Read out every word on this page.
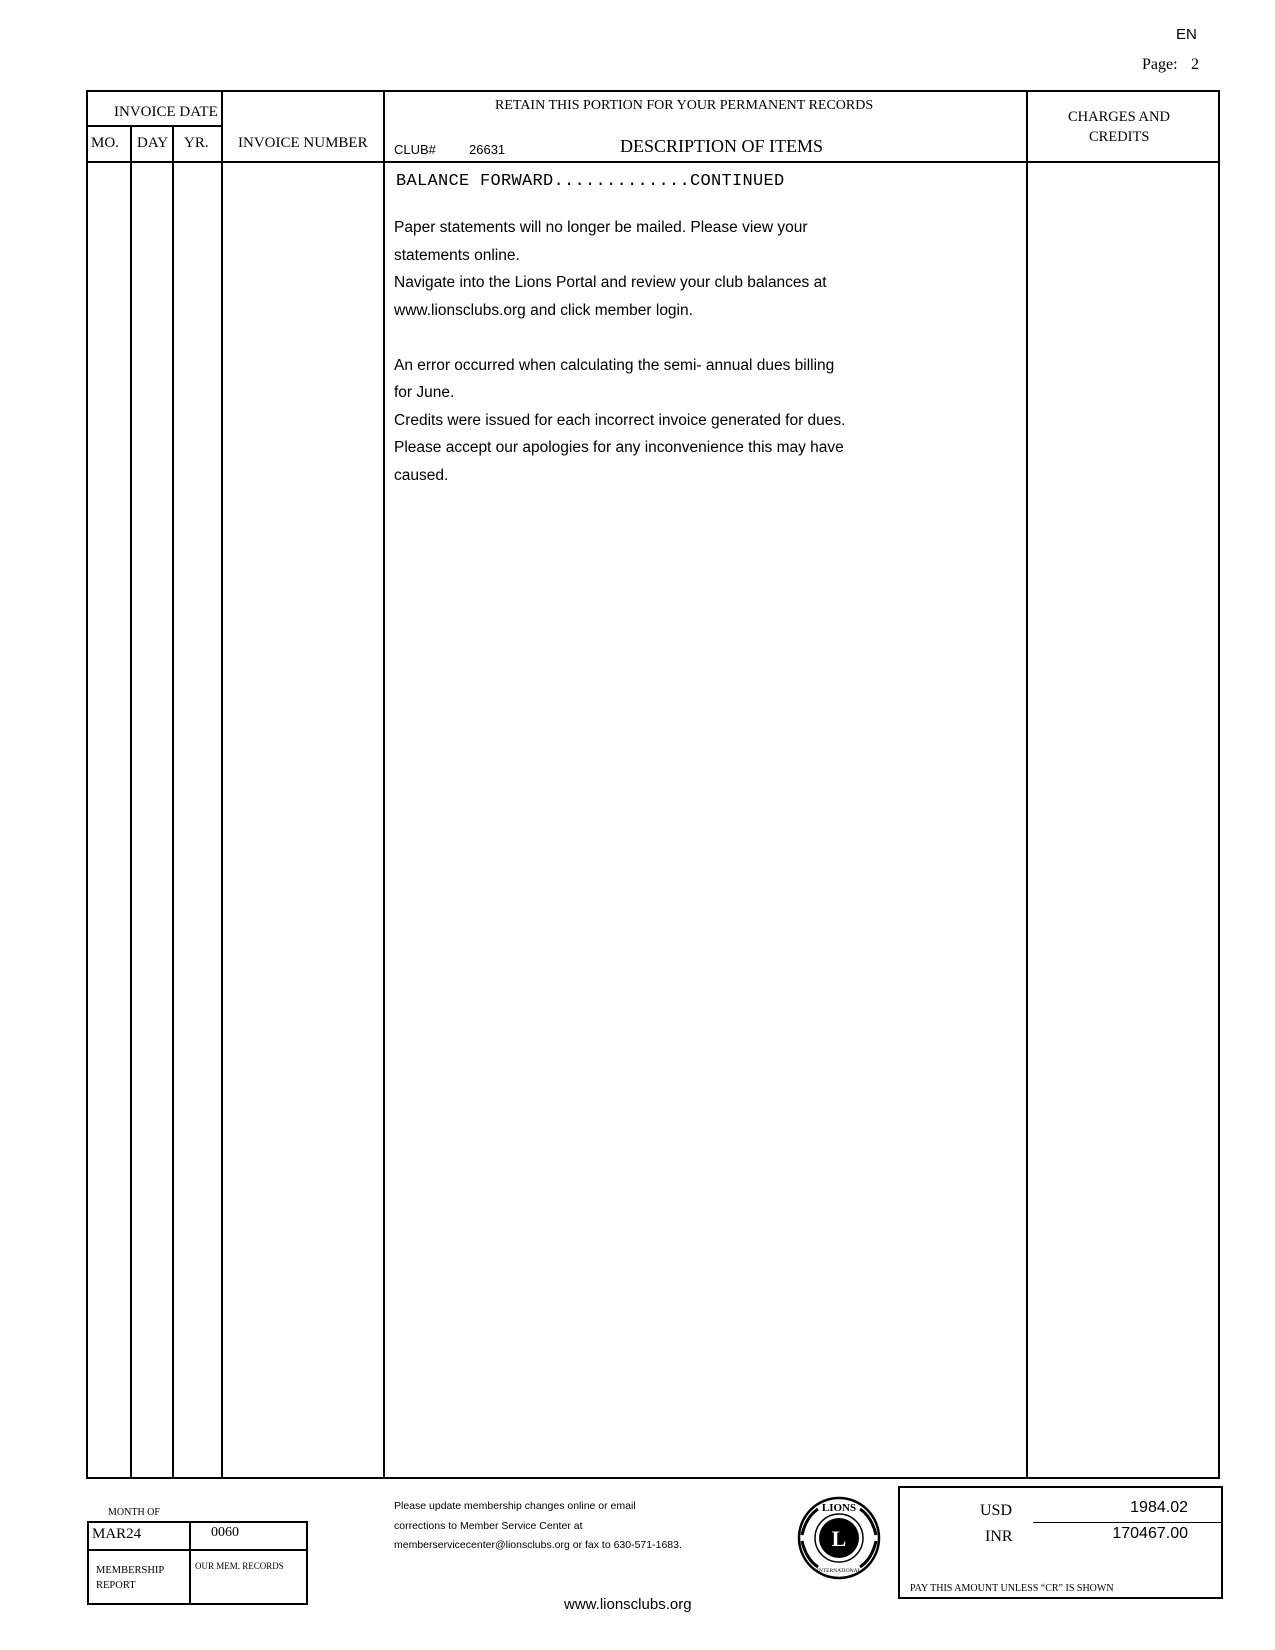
EN
Page: 2
INVOICE DATE
MO. DAY YR. INVOICE NUMBER
RETAIN THIS PORTION FOR YOUR PERMANENT RECORDS
CLUB#	26631	DESCRIPTION OF ITEMS
CHARGES AND
CREDITS
BALANCE FORWARD.............CONTINUED
Paper statements will no longer be mailed. Please view your
statements online.
Navigate into the Lions Portal and review your club balances at
www.lionsclubs.org and click member login.
An error occurred when calculating the semi- annual dues billing
for June.
Credits were issued for each incorrect invoice generated for dues.
Please accept our apologies for any inconvenience this may have
caused.
MONTH OF
MAR24	0060
MEMBERSHIP
REPORT
OUR MEM. RECORDS
Please update membership changes online or email
corrections to Member Service Center at
memberservicecenter@lionsclubs.org or fax to 630-571-1683.
www.lionsclubs.org
LIONS
L
INTERNATIONAL
USD	1984.02
INR	170467.00
PAY THIS AMOUNT UNLESS “CR” IS SHOWN
